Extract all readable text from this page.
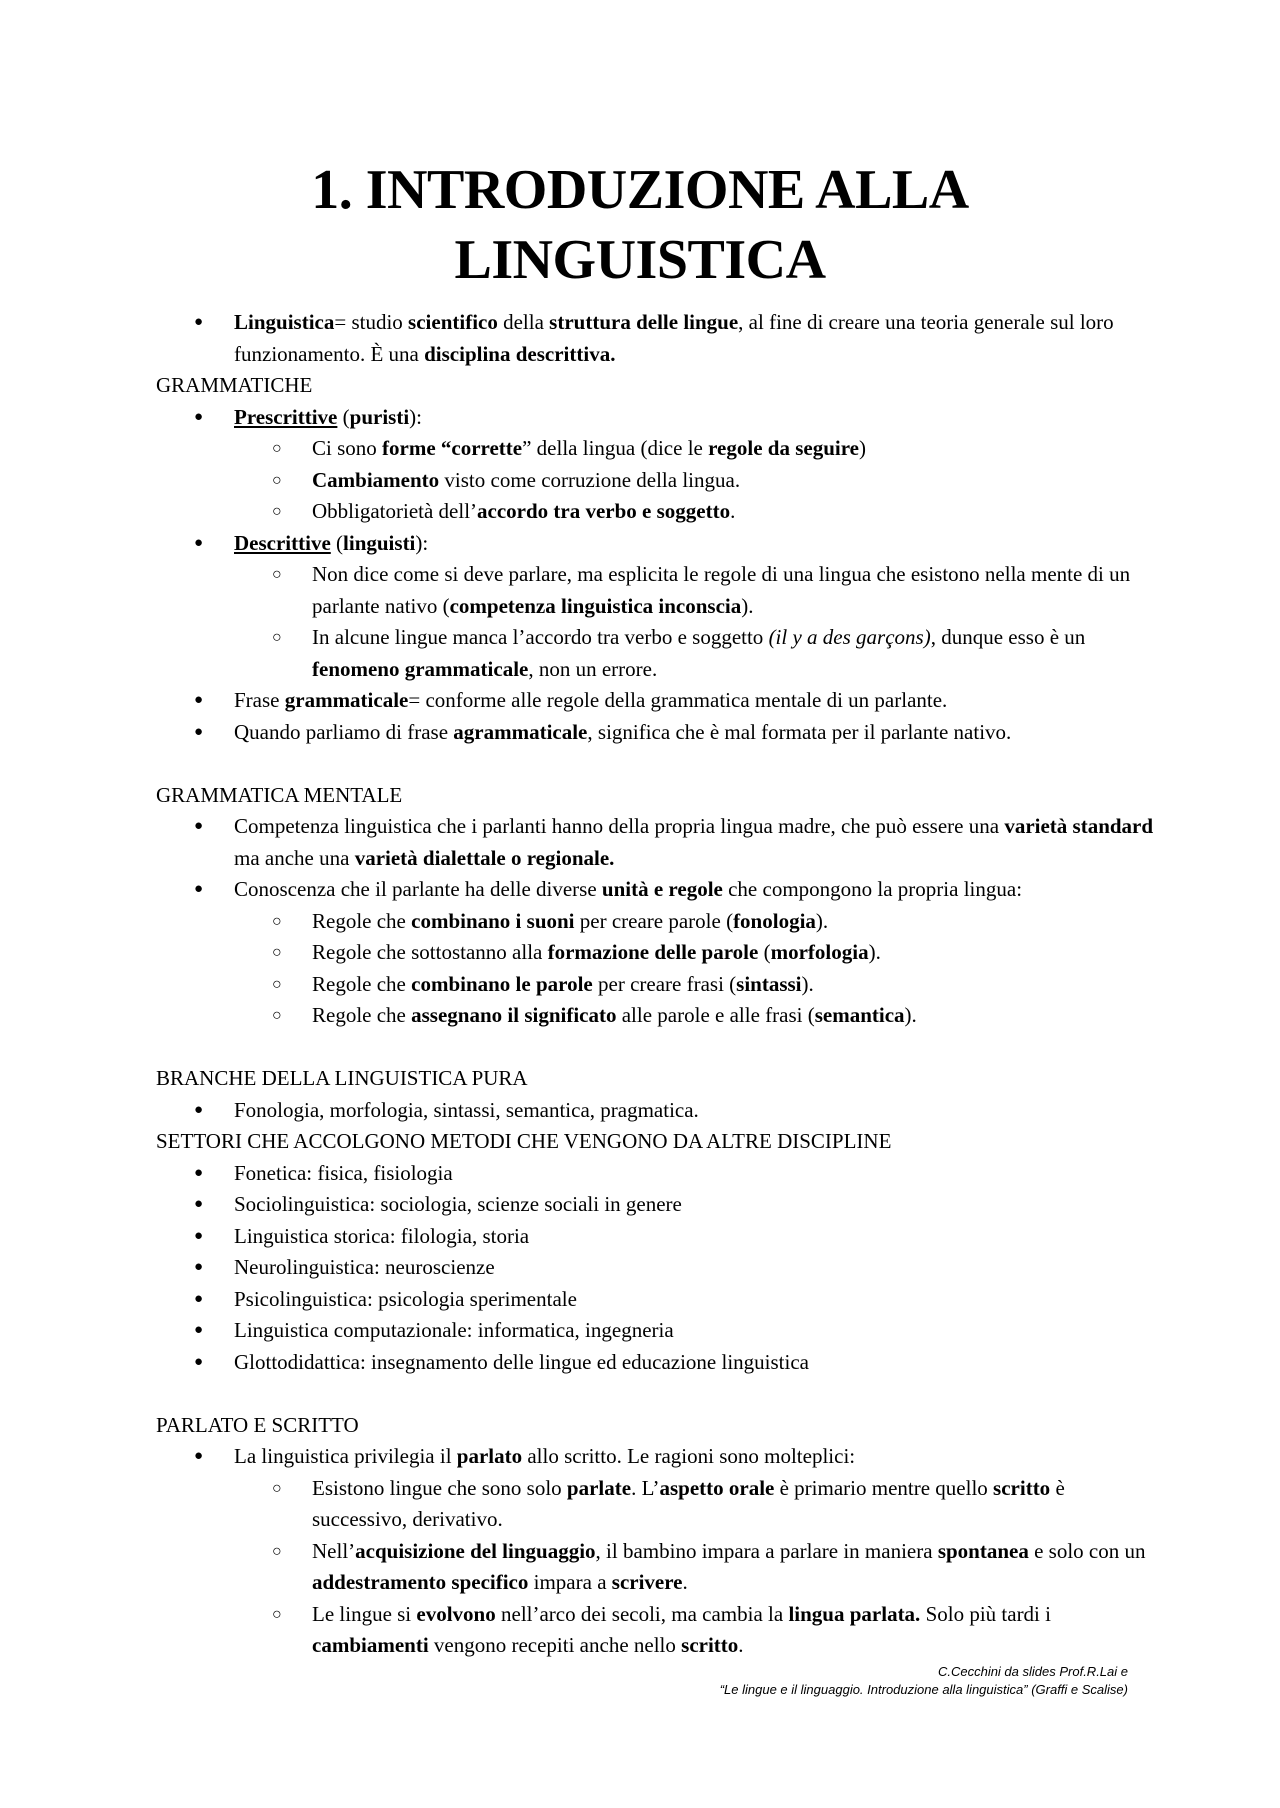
1. INTRODUZIONE ALLA
LINGUISTICA
● Linguistica= studio scientifico della struttura delle lingue, al fine di creare una teoria generale sul loro funzionamento. È una disciplina descrittiva.
GRAMMATICHE
● Prescrittive (puristi):
○ Ci sono forme “corrette” della lingua (dice le regole da seguire)
○ Cambiamento visto come corruzione della lingua.
○ Obbligatorietà dell’accordo tra verbo e soggetto.
● Descrittive (linguisti):
○ Non dice come si deve parlare, ma esplicita le regole di una lingua che esistono nella mente di un parlante nativo (competenza linguistica inconscia).
○ In alcune lingue manca l’accordo tra verbo e soggetto (il y a des garçons), dunque esso è un fenomeno grammaticale, non un errore.
● Frase grammaticale= conforme alle regole della grammatica mentale di un parlante.
● Quando parliamo di frase agrammaticale, significa che è mal formata per il parlante nativo.
GRAMMATICA MENTALE
● Competenza linguistica che i parlanti hanno della propria lingua madre, che può essere una varietà standard ma anche una varietà dialettale o regionale.
● Conoscenza che il parlante ha delle diverse unità e regole che compongono la propria lingua:
○ Regole che combinano i suoni per creare parole (fonologia).
○ Regole che sottostanno alla formazione delle parole (morfologia).
○ Regole che combinano le parole per creare frasi (sintassi).
○ Regole che assegnano il significato alle parole e alle frasi (semantica).
BRANCHE DELLA LINGUISTICA PURA
● Fonologia, morfologia, sintassi, semantica, pragmatica.
SETTORI CHE ACCOLGONO METODI CHE VENGONO DA ALTRE DISCIPLINE
● Fonetica: fisica, fisiologia
● Sociolinguistica: sociologia, scienze sociali in genere
● Linguistica storica: filologia, storia
● Neurolinguistica: neuroscienze
● Psicolinguistica: psicologia sperimentale
● Linguistica computazionale: informatica, ingegneria
● Glottodidattica: insegnamento delle lingue ed educazione linguistica
PARLATO E SCRITTO
● La linguistica privilegia il parlato allo scritto. Le ragioni sono molteplici:
○ Esistono lingue che sono solo parlate. L’aspetto orale è primario mentre quello scritto è successivo, derivativo.
○ Nell’acquisizione del linguaggio, il bambino impara a parlare in maniera spontanea e solo con un addestramento specifico impara a scrivere.
○ Le lingue si evolvono nell’arco dei secoli, ma cambia la lingua parlata. Solo più tardi i cambiamenti vengono recepiti anche nello scritto.
C.Cecchini da slides Prof.R.Lai e
“Le lingue e il linguaggio. Introduzione alla linguistica” (Graffi e Scalise)
